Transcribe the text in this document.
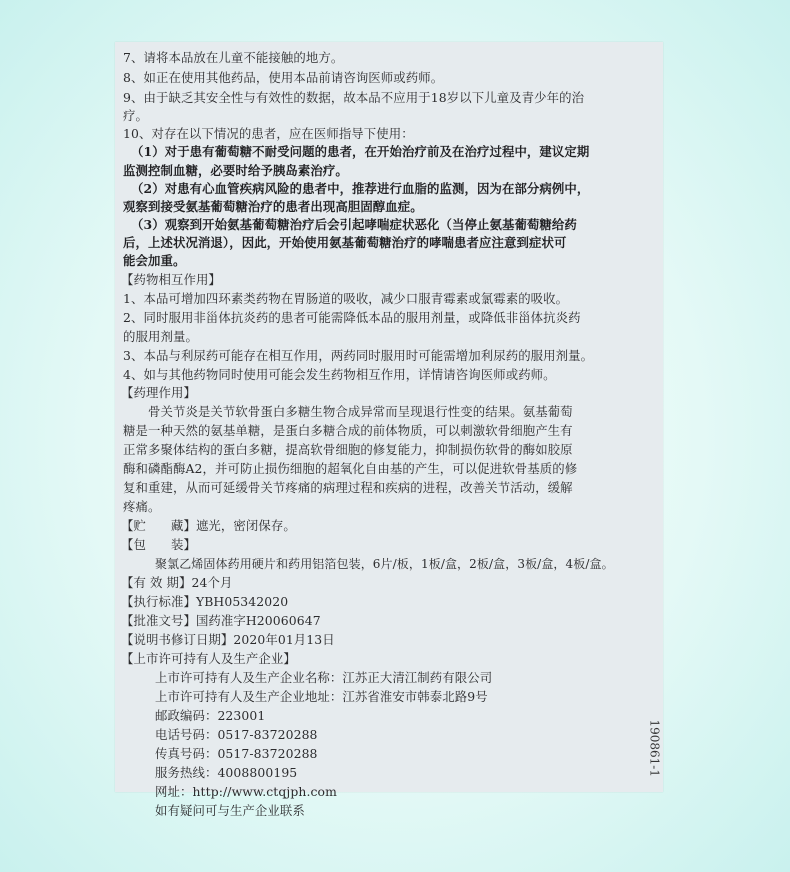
7、请将本品放在儿童不能接触的地方。
8、如正在使用其他药品，使用本品前请咨询医师或药师。
9、由于缺乏其安全性与有效性的数据，故本品不应用于18岁以下儿童及青少年的治
疗。
10、对存在以下情况的患者，应在医师指导下使用：
（1）对于患有葡萄糖不耐受问题的患者，在开始治疗前及在治疗过程中，建议定期
监测控制血糖，必要时给予胰岛素治疗。
（2）对患有心血管疾病风险的患者中，推荐进行血脂的监测，因为在部分病例中，
观察到接受氨基葡萄糖治疗的患者出现高胆固醇血症。
（3）观察到开始氨基葡萄糖治疗后会引起哮喘症状恶化（当停止氨基葡萄糖给药
后，上述状况消退），因此，开始使用氨基葡萄糖治疗的哮喘患者应注意到症状可
能会加重。
【药物相互作用】
1、本品可增加四环素类药物在胃肠道的吸收，减少口服青霉素或氯霉素的吸收。
2、同时服用非甾体抗炎药的患者可能需降低本品的服用剂量，或降低非甾体抗炎药
的服用剂量。
3、本品与利尿药可能存在相互作用，两药同时服用时可能需增加利尿药的服用剂量。
4、如与其他药物同时使用可能会发生药物相互作用，详情请咨询医师或药师。
【药理作用】
　　骨关节炎是关节软骨蛋白多糖生物合成异常而呈现退行性变的结果。氨基葡萄
糖是一种天然的氨基单糖，是蛋白多糖合成的前体物质，可以刺激软骨细胞产生有
正常多聚体结构的蛋白多糖，提高软骨细胞的修复能力，抑制损伤软骨的酶如胶原
酶和磷酯酶A2，并可防止损伤细胞的超氧化自由基的产生，可以促进软骨基质的修
复和重建，从而可延缓骨关节疼痛的病理过程和疾病的进程，改善关节活动，缓解
疼痛。
【贮　　藏】遮光，密闭保存。
【包　　装】
聚氯乙烯固体药用硬片和药用铝箔包装，6片/板，1板/盒，2板/盒，3板/盒，4板/盒。
【有 效 期】24个月
【执行标准】YBH05342020
【批准文号】国药准字H20060647
【说明书修订日期】2020年01月13日
【上市许可持有人及生产企业】
上市许可持有人及生产企业名称：江苏正大清江制药有限公司
上市许可持有人及生产企业地址：江苏省淮安市韩泰北路9号
邮政编码：223001
电话号码：0517-83720288
传真号码：0517-83720288
服务热线：4008800195
网址：http://www.ctqjph.com
如有疑问可与生产企业联系
190861-1
